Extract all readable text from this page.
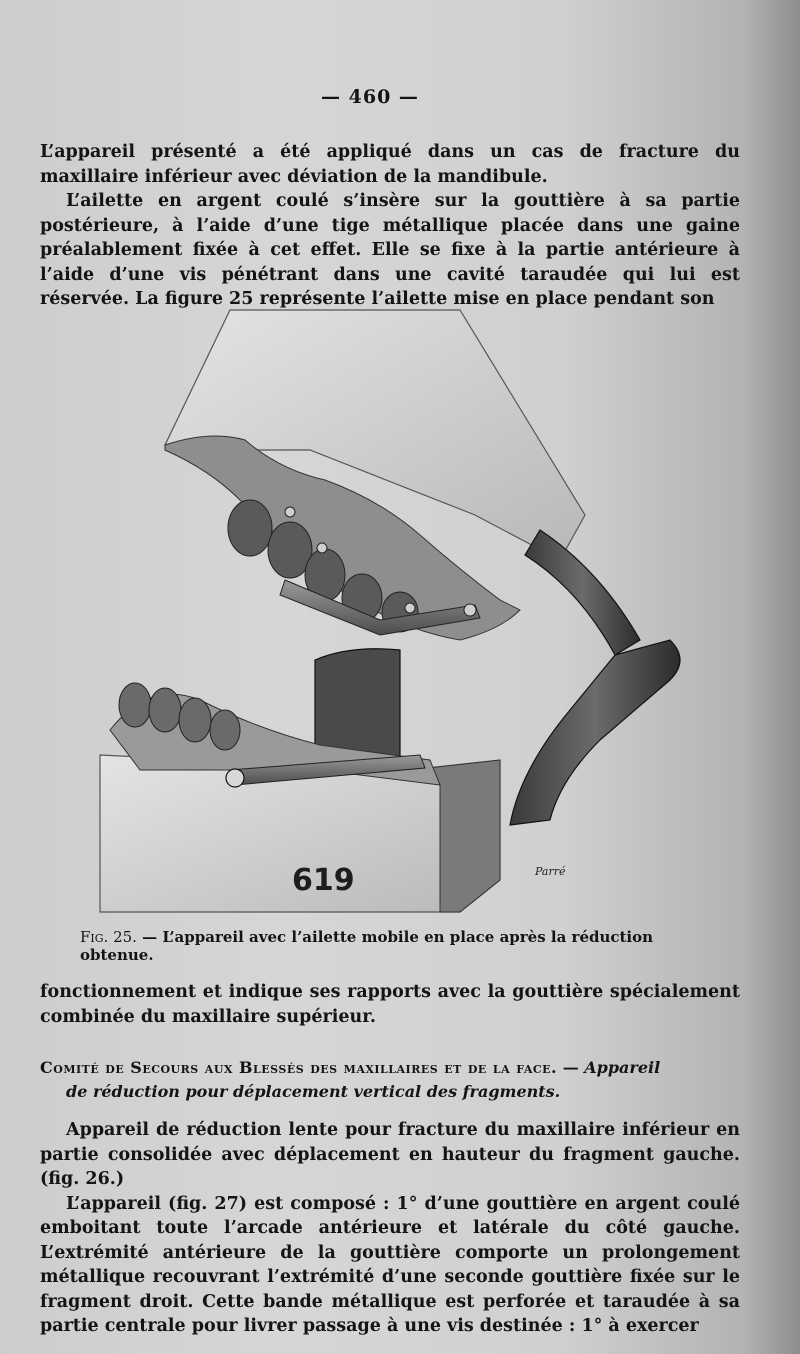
— 460 —

L’appareil présenté a été appliqué dans un cas de fracture du maxillaire inférieur avec déviation de la mandibule.

L’ailette en argent coulé s’insère sur la gouttière à sa partie postérieure, à l’aide d’une tige métallique placée dans une gaine préalablement fixée à cet effet. Elle se fixe à la partie antérieure à l’aide d’une vis pénétrant dans une cavité taraudée qui lui est réservée. La figure 25 représente l’ailette mise en place pendant son

619	Parré
Fig. 25. — L’appareil avec l’ailette mobile en place après la réduction obtenue.

fonctionnement et indique ses rapports avec la gouttière spécialement combinée du maxillaire supérieur.

Comité de Secours aux Blessés des maxillaires et de la face. — Appareil
de réduction pour déplacement vertical des fragments.

Appareil de réduction lente pour fracture du maxillaire inférieur en partie consolidée avec déplacement en hauteur du fragment gauche. (fig. 26.)

L’appareil (fig. 27) est composé : 1° d’une gouttière en argent coulé emboitant toute l’arcade antérieure et latérale du côté gauche. L’extrémité antérieure de la gouttière comporte un prolongement métallique recouvrant l’extrémité d’une seconde gouttière fixée sur le fragment droit. Cette bande métallique est perforée et taraudée à sa partie centrale pour livrer passage à une vis destinée : 1° à exercer
